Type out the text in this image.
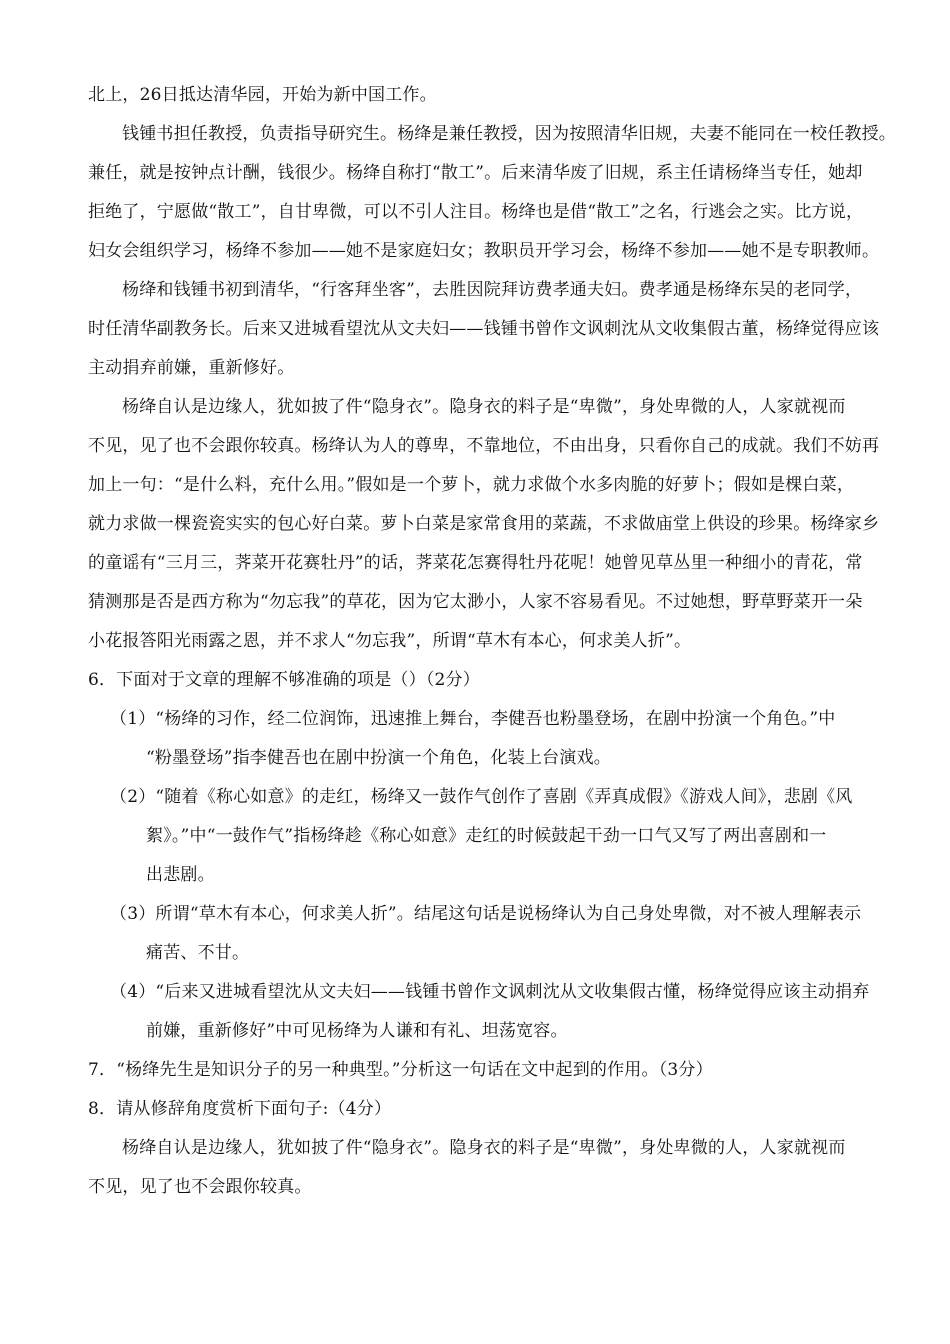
北上，26日抵达清华园，开始为新中国工作。
钱锺书担任教授，负责指导研究生。杨绛是兼任教授，因为按照清华旧规，夫妻不能同在一校任教授。
兼任，就是按钟点计酬，钱很少。杨绛自称打“散工”。后来清华废了旧规，系主任请杨绛当专任，她却
拒绝了，宁愿做“散工”，自甘卑微，可以不引人注目。杨绛也是借“散工”之名，行逃会之实。比方说，
妇女会组织学习，杨绛不参加——她不是家庭妇女；教职员开学习会，杨绛不参加——她不是专职教师。
杨绛和钱锺书初到清华，“行客拜坐客”，去胜因院拜访费孝通夫妇。费孝通是杨绛东吴的老同学，
时任清华副教务长。后来又进城看望沈从文夫妇——钱锺书曾作文讽刺沈从文收集假古董，杨绛觉得应该
主动捐弃前嫌，重新修好。
杨绛自认是边缘人，犹如披了件“隐身衣”。隐身衣的料子是“卑微”，身处卑微的人，人家就视而
不见，见了也不会跟你较真。杨绛认为人的尊卑，不靠地位，不由出身，只看你自己的成就。我们不妨再
加上一句：“是什么料，充什么用。”假如是一个萝卜，就力求做个水多肉脆的好萝卜；假如是棵白菜，
就力求做一棵瓷瓷实实的包心好白菜。萝卜白菜是家常食用的菜蔬，不求做庙堂上供设的珍果。杨绛家乡
的童谣有“三月三，荠菜开花赛牡丹”的话，荠菜花怎赛得牡丹花呢！她曾见草丛里一种细小的青花，常
猜测那是否是西方称为“勿忘我”的草花，因为它太渺小，人家不容易看见。不过她想，野草野菜开一朵
小花报答阳光雨露之恩，并不求人“勿忘我”，所谓“草木有本心，何求美人折”。
6．下面对于文章的理解不够准确的项是（）（2分）
（1）“杨绛的习作，经二位润饰，迅速推上舞台，李健吾也粉墨登场，在剧中扮演一个角色。”中
“粉墨登场”指李健吾也在剧中扮演一个角色，化装上台演戏。
（2）“随着《称心如意》的走红，杨绛又一鼓作气创作了喜剧《弄真成假》《游戏人间》，悲剧《风
絮》。”中“一鼓作气”指杨绛趁《称心如意》走红的时候鼓起干劲一口气又写了两出喜剧和一
出悲剧。
（3）所谓“草木有本心，何求美人折”。结尾这句话是说杨绛认为自己身处卑微，对不被人理解表示
痛苦、不甘。
（4）“后来又进城看望沈从文夫妇——钱锺书曾作文讽刺沈从文收集假古懂，杨绛觉得应该主动捐弃
前嫌，重新修好”中可见杨绛为人谦和有礼、坦荡宽容。
7．“杨绛先生是知识分子的另一种典型。”分析这一句话在文中起到的作用。（3分）
8．请从修辞角度赏析下面句子:（4分）
杨绛自认是边缘人，犹如披了件“隐身衣”。隐身衣的料子是“卑微”，身处卑微的人，人家就视而
不见，见了也不会跟你较真。
